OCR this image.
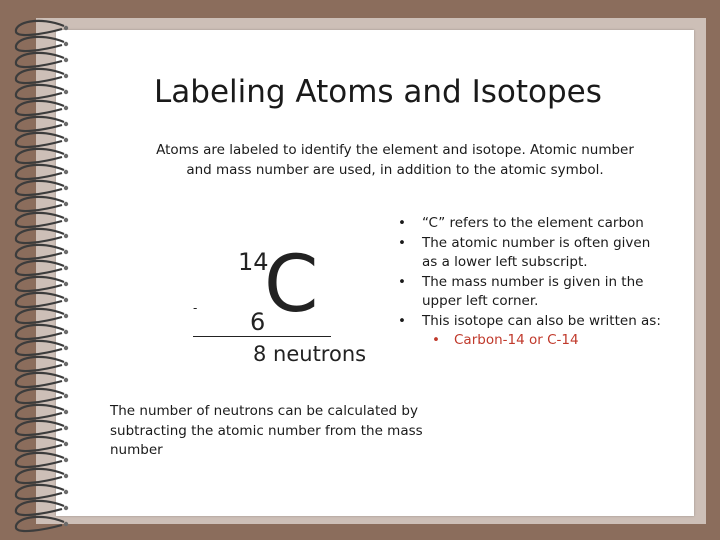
Labeling Atoms and Isotopes
Atoms are labeled to identify the element and isotope. Atomic number and mass number are used, in addition to the atomic symbol.
14
6
C
-
8 neutrons
•	“C” refers to the element carbon
•	The atomic number is often given as a lower left subscript.
•	The mass number is given in the upper left corner.
•	This isotope can also be written as:
•	Carbon-14 or C-14
The number of neutrons can be calculated by subtracting the atomic number from the mass number
